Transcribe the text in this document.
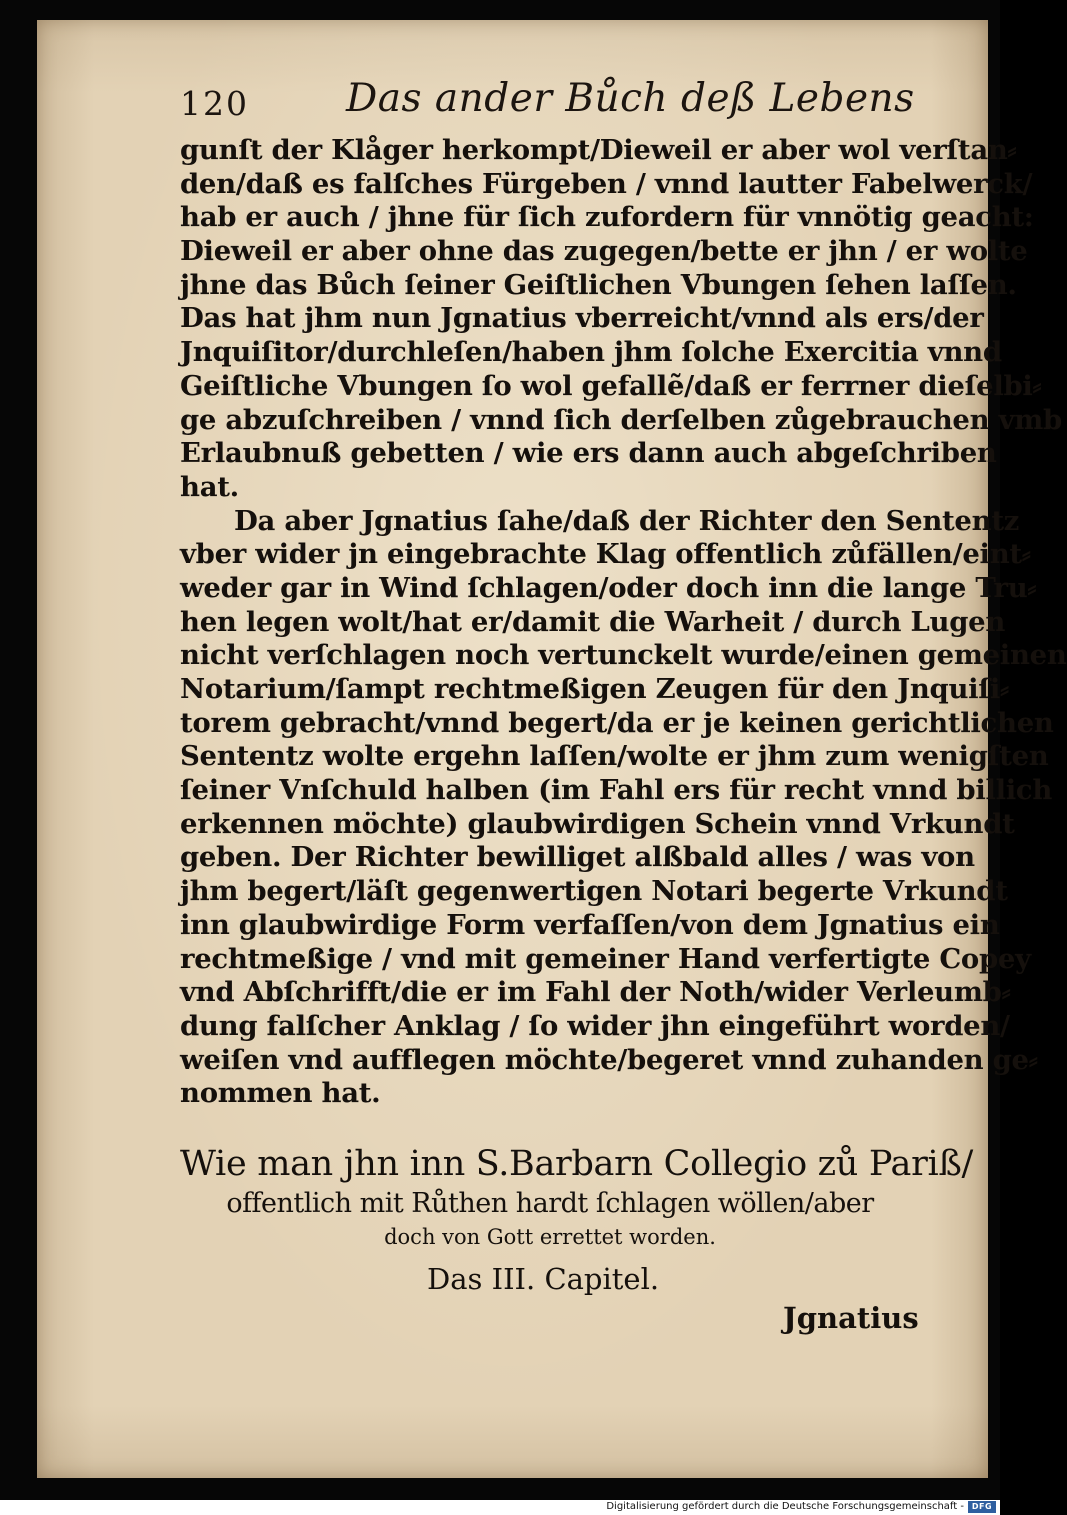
120 Das ander Bůch deß Lebens
gunſt der Klåger herkompt/Dieweil er aber wol verſtan⸗
den/daß es falſches Fürgeben / vnnd lautter Fabelwerck/
hab er auch / jhne für ſich zufordern für vnnötig geacht:
Dieweil er aber ohne das zugegen/bette er jhn / er wolte
jhne das Bůch ſeiner Geiſtlichen Vbungen ſehen laſſen.
Das hat jhm nun Jgnatius vberreicht/vnnd als ers/der
Jnquiſitor/durchleſen/haben jhm ſolche Exercitia vnnd
Geiſtliche Vbungen ſo wol gefallẽ/daß er ferrner dieſelbi⸗
ge abzuſchreiben / vnnd ſich derſelben zůgebrauchen vmb
Erlaubnuß gebetten / wie ers dann auch abgeſchriben
hat.
Da aber Jgnatius ſahe/daß der Richter den Sententz
vber wider jn eingebrachte Klag offentlich zůfällen/eint⸗
weder gar in Wind ſchlagen/oder doch inn die lange Tru⸗
hen legen wolt/hat er/damit die Warheit / durch Lugen
nicht verſchlagen noch vertunckelt wurde/einen gemeinen
Notarium/ſampt rechtmeßigen Zeugen für den Jnquiſi⸗
torem gebracht/vnnd begert/da er je keinen gerichtlichen
Sententz wolte ergehn laſſen/wolte er jhm zum wenigſten
ſeiner Vnſchuld halben (im Fahl ers für recht vnnd billich
erkennen möchte) glaubwirdigen Schein vnnd Vrkundt
geben. Der Richter bewilliget alßbald alles / was von
jhm begert/läſt gegenwertigen Notari begerte Vrkundt
inn glaubwirdige Form verfaſſen/von dem Jgnatius ein
rechtmeßige / vnd mit gemeiner Hand verfertigte Copey
vnd Abſchrifft/die er im Fahl der Noth/wider Verleumb⸗
dung falſcher Anklag / ſo wider jhn eingeführt worden/
weiſen vnd aufflegen möchte/begeret vnnd zuhanden ge⸗
nommen hat.
Wie man jhn inn S.Barbarn Collegio zů Pariß/
offentlich mit Růthen hardt ſchlagen wöllen/aber
doch von Gott errettet worden.
Das III. Capitel.
Jgnatius
Digitalisierung gefördert durch die Deutsche Forschungsgemeinschaft - DFG
